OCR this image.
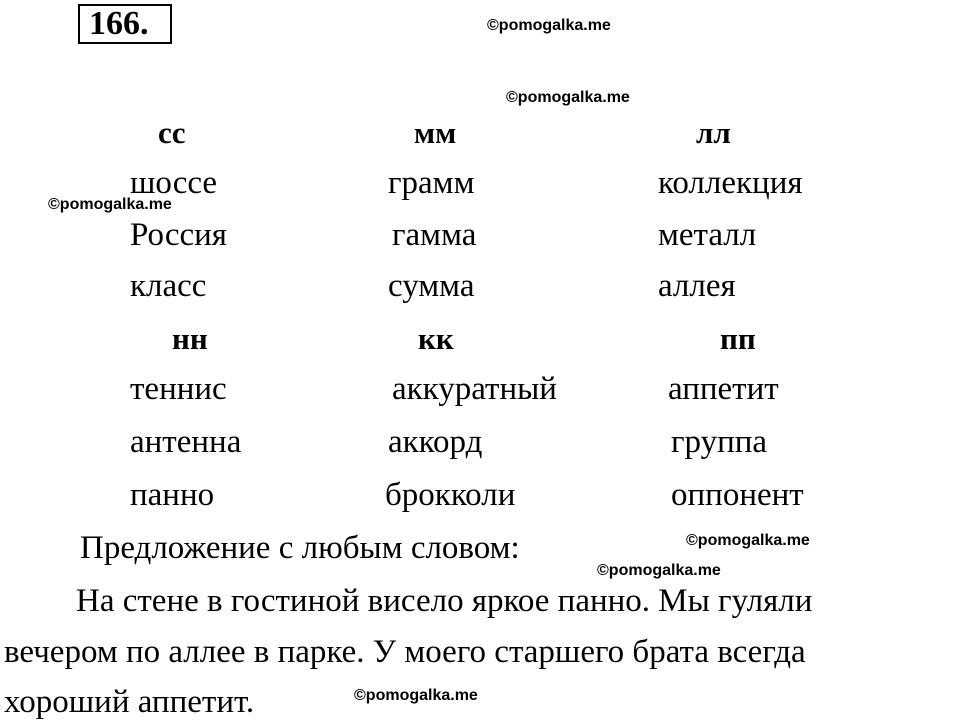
166.	©pomogalka.me
©pomogalka.me
©pomogalka.me
©pomogalka.me
©pomogalka.me
©pomogalka.me
сс	мм	лл
шоссе	грамм	коллекция
Россия	гамма	металл
класс	сумма	аллея
нн	кк	пп
теннис	аккуратный	аппетит
антенна	аккорд	группа
панно	брокколи	оппонент
Предложение с любым словом:
На стене в гостиной висело яркое панно. Мы гуляли
вечером по аллее в парке. У моего старшего брата всегда
хороший аппетит.
